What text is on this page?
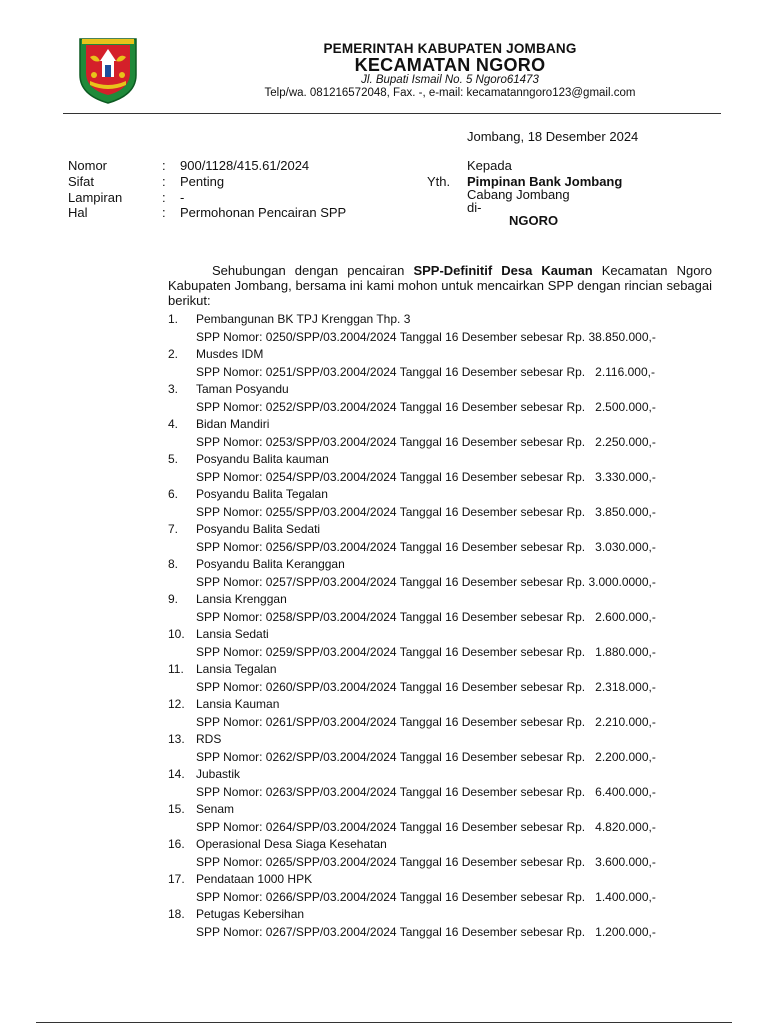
PEMERINTAH KABUPATEN JOMBANG
KECAMATAN NGORO
Jl. Bupati Ismail No. 5 Ngoro61473
Telp/wa. 081216572048, Fax. -, e-mail: kecamatanngoro123@gmail.com
Jombang, 18 Desember 2024
Nomor	: 900/1128/415.61/2024
Sifat	: Penting
Lampiran	: -
Hal	: Permohonan Pencairan SPP
Kepada
Yth. Pimpinan Bank Jombang
Cabang Jombang
di-
NGORO
Sehubungan dengan pencairan SPP-Definitif Desa Kauman Kecamatan Ngoro Kabupaten Jombang, bersama ini kami mohon untuk mencairkan SPP dengan rincian sebagai berikut:
1. Pembangunan BK TPJ Krenggan Thp. 3
SPP Nomor: 0250/SPP/03.2004/2024 Tanggal 16 Desember sebesar Rp. 38.850.000,-
2. Musdes IDM
SPP Nomor: 0251/SPP/03.2004/2024 Tanggal 16 Desember sebesar Rp.   2.116.000,-
3. Taman Posyandu
SPP Nomor: 0252/SPP/03.2004/2024 Tanggal 16 Desember sebesar Rp.   2.500.000,-
4. Bidan Mandiri
SPP Nomor: 0253/SPP/03.2004/2024 Tanggal 16 Desember sebesar Rp.   2.250.000,-
5. Posyandu Balita kauman
SPP Nomor: 0254/SPP/03.2004/2024 Tanggal 16 Desember sebesar Rp.   3.330.000,-
6. Posyandu Balita Tegalan
SPP Nomor: 0255/SPP/03.2004/2024 Tanggal 16 Desember sebesar Rp.   3.850.000,-
7. Posyandu Balita Sedati
SPP Nomor: 0256/SPP/03.2004/2024 Tanggal 16 Desember sebesar Rp.   3.030.000,-
8. Posyandu Balita Keranggan
SPP Nomor: 0257/SPP/03.2004/2024 Tanggal 16 Desember sebesar Rp. 3.000.0000,-
9. Lansia Krenggan
SPP Nomor: 0258/SPP/03.2004/2024 Tanggal 16 Desember sebesar Rp.   2.600.000,-
10. Lansia Sedati
SPP Nomor: 0259/SPP/03.2004/2024 Tanggal 16 Desember sebesar Rp.   1.880.000,-
11. Lansia Tegalan
SPP Nomor: 0260/SPP/03.2004/2024 Tanggal 16 Desember sebesar Rp.   2.318.000,-
12. Lansia Kauman
SPP Nomor: 0261/SPP/03.2004/2024 Tanggal 16 Desember sebesar Rp.   2.210.000,-
13. RDS
SPP Nomor: 0262/SPP/03.2004/2024 Tanggal 16 Desember sebesar Rp.   2.200.000,-
14. Jubastik
SPP Nomor: 0263/SPP/03.2004/2024 Tanggal 16 Desember sebesar Rp.   6.400.000,-
15. Senam
SPP Nomor: 0264/SPP/03.2004/2024 Tanggal 16 Desember sebesar Rp.   4.820.000,-
16. Operasional Desa Siaga Kesehatan
SPP Nomor: 0265/SPP/03.2004/2024 Tanggal 16 Desember sebesar Rp.   3.600.000,-
17. Pendataan 1000 HPK
SPP Nomor: 0266/SPP/03.2004/2024 Tanggal 16 Desember sebesar Rp.   1.400.000,-
18. Petugas Kebersihan
SPP Nomor: 0267/SPP/03.2004/2024 Tanggal 16 Desember sebesar Rp.   1.200.000,-
